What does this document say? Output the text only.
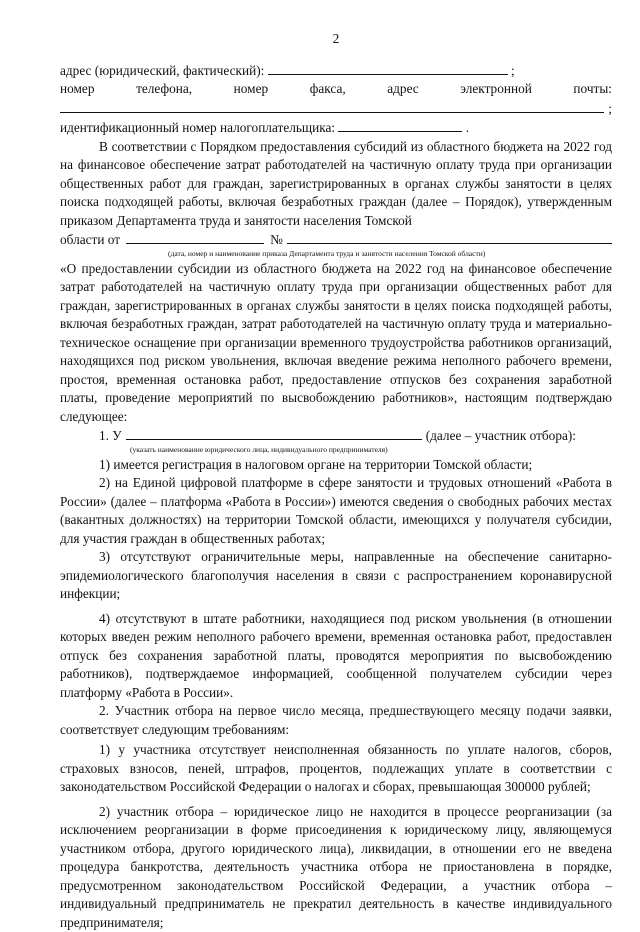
2

адрес (юридический, фактический):	;

номер	телефона,	номер	факса,	адрес	электронной	почты:
;

идентификационный номер налогоплательщика:	.

В соответствии с Порядком предоставления субсидий из областного бюджета на 2022 год на финансовое обеспечение затрат работодателей на частичную оплату труда при организации общественных работ для граждан, зарегистрированных в органах службы занятости в целях поиска подходящей работы, включая безработных граждан (далее – Порядок), утвержденным приказом Департамента труда и занятости населения Томской

области от	№
(дата, номер и наименование приказа Департамента труда и занятости населения Томской области)

«О предоставлении субсидии из областного бюджета на 2022 год на финансовое обеспечение затрат работодателей на частичную оплату труда при организации общественных работ для граждан, зарегистрированных в органах службы занятости в целях поиска подходящей работы, включая безработных граждан, затрат работодателей на частичную оплату труда и материально-техническое оснащение при организации временного трудоустройства работников организаций, находящихся под риском увольнения, включая введение режима неполного рабочего времени, простоя, временная остановка работ, предоставление отпусков без сохранения заработной платы, проведение мероприятий по высвобождению работников», настоящим подтверждаю следующее:

1. У	(далее – участник отбора):
(указать наименование юридического лица, индивидуального предпринимателя)

1) имеется регистрация в налоговом органе на территории Томской области;

2) на Единой цифровой платформе в сфере занятости и трудовых отношений «Работа в России» (далее – платформа «Работа в России») имеются сведения о свободных рабочих местах (вакантных должностях) на территории Томской области, имеющихся у получателя субсидии, для участия граждан в общественных работах;

3) отсутствуют ограничительные меры, направленные на обеспечение санитарно-эпидемиологического благополучия населения в связи с распространением коронавирусной инфекции;

4) отсутствуют в штате работники, находящиеся под риском увольнения (в отношении которых введен режим неполного рабочего времени, временная остановка работ, предоставлен отпуск без сохранения заработной платы, проводятся мероприятия по высвобождению работников), подтверждаемое информацией, сообщенной получателем субсидии через платформу «Работа в России».

2. Участник отбора на первое число месяца, предшествующего месяцу подачи заявки, соответствует следующим требованиям:

1) у участника отсутствует неисполненная обязанность по уплате налогов, сборов, страховых взносов, пеней, штрафов, процентов, подлежащих уплате в соответствии с законодательством Российской Федерации о налогах и сборах, превышающая 300000 рублей;

2) участник отбора – юридическое лицо не находится в процессе реорганизации (за исключением реорганизации в форме присоединения к юридическому лицу, являющемуся участником отбора, другого юридического лица), ликвидации, в отношении его не введена процедура банкротства, деятельность участника отбора не приостановлена в порядке, предусмотренном законодательством Российской Федерации, а участник отбора – индивидуальный предприниматель не прекратил деятельность в качестве индивидуального предпринимателя;
